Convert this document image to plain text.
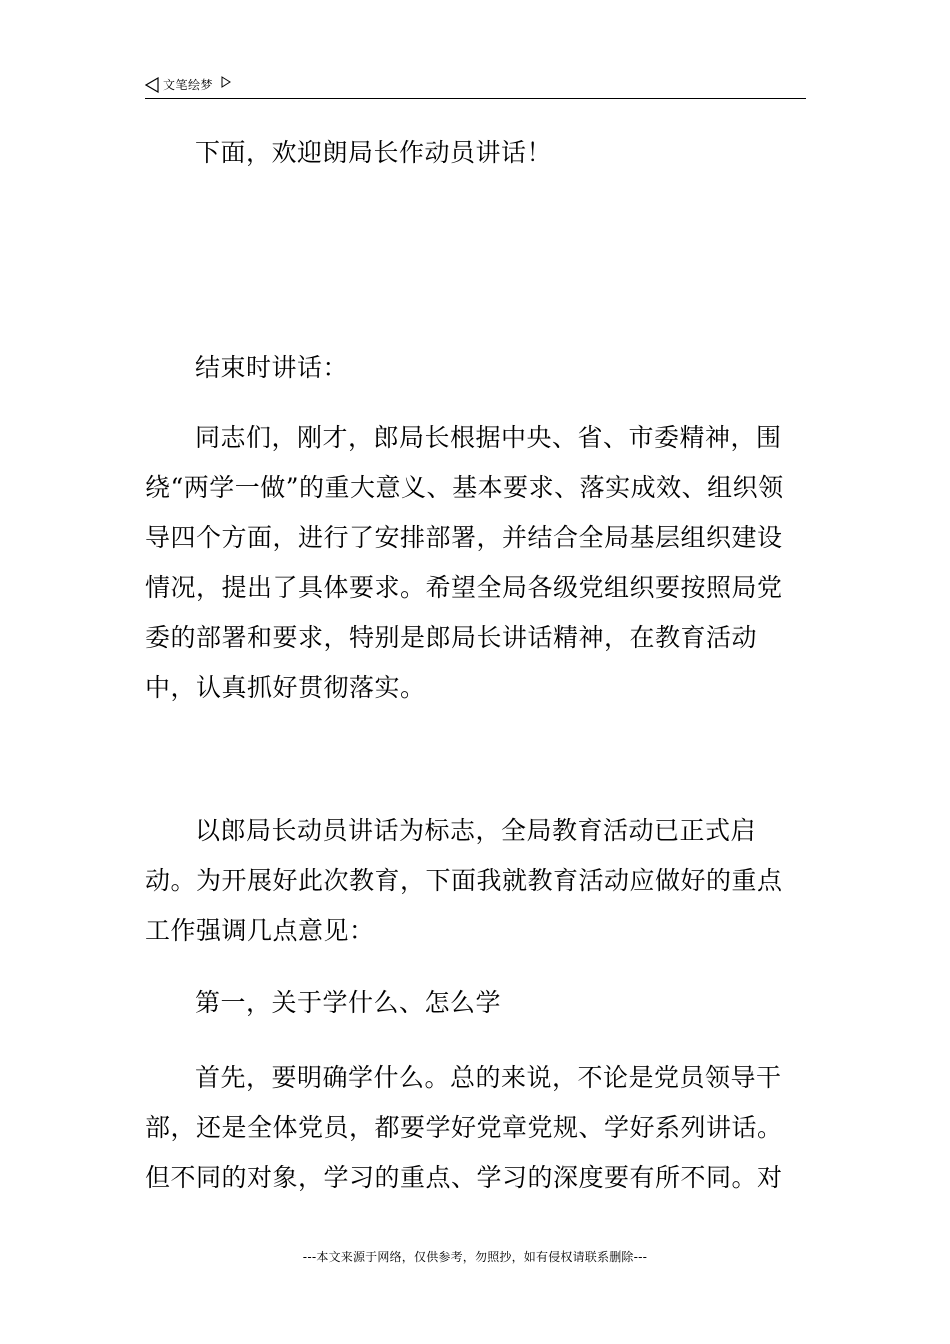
文笔绘梦

下面，欢迎朗局长作动员讲话！

结束时讲话：

同志们，刚才，郎局长根据中央、省、市委精神，围绕“两学一做”的重大意义、基本要求、落实成效、组织领导四个方面，进行了安排部署，并结合全局基层组织建设情况，提出了具体要求。希望全局各级党组织要按照局党委的部署和要求，特别是郎局长讲话精神，在教育活动中，认真抓好贯彻落实。

以郎局长动员讲话为标志，全局教育活动已正式启动。为开展好此次教育，下面我就教育活动应做好的重点工作强调几点意见：

第一，关于学什么、怎么学

首先，要明确学什么。总的来说，不论是党员领导干部，还是全体党员，都要学好党章党规、学好系列讲话。但不同的对象，学习的重点、学习的深度要有所不同。对

---本文来源于网络，仅供参考，勿照抄，如有侵权请联系删除---
